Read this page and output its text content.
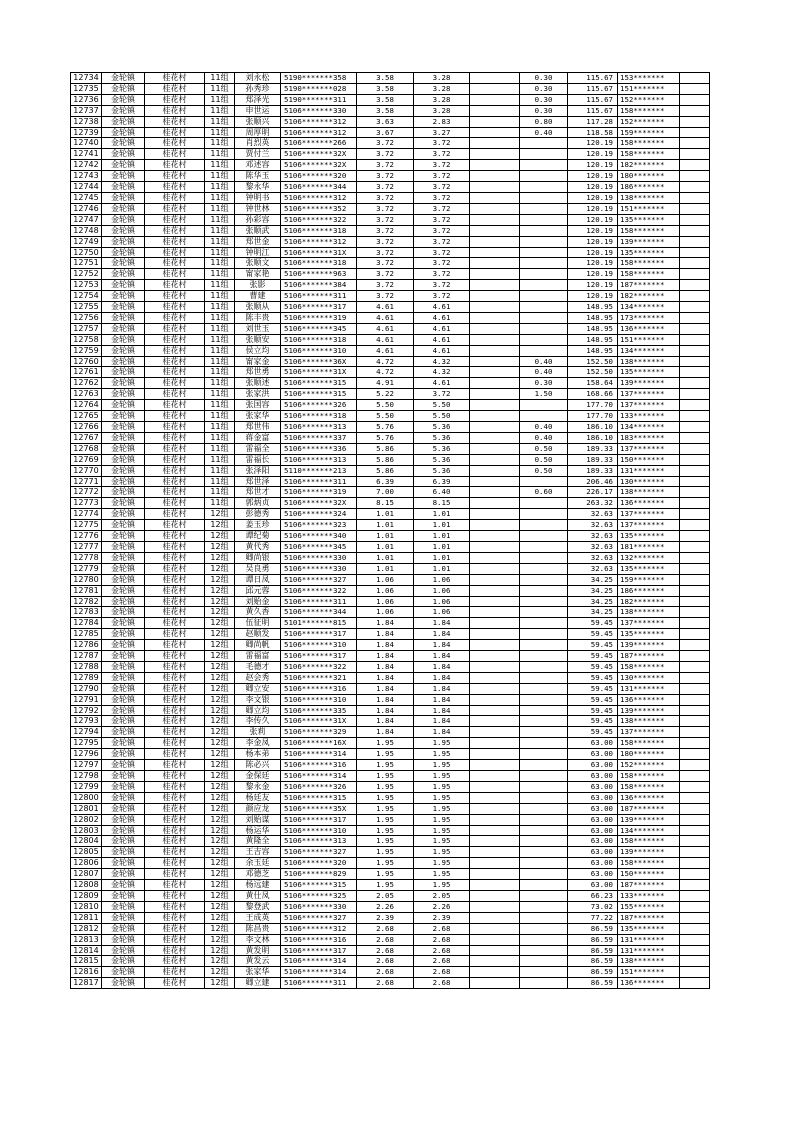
12734	金轮镇	桂花村	11组	刘永松	5190*******358	3.58	3.28		0.30	115.67	153*******	
12735	金轮镇	桂花村	11组	孙秀珍	5190*******028	3.58	3.28		0.30	115.67	151*******	
12736	金轮镇	桂花村	11组	郑泽光	5190*******311	3.58	3.28		0.30	115.67	152*******	
12737	金轮镇	桂花村	11组	申世运	5106*******330	3.58	3.28		0.30	115.67	158*******	
12738	金轮镇	桂花村	11组	张顺兴	5106*******312	3.63	2.83		0.80	117.28	152*******	
12739	金轮镇	桂花村	11组	周厚明	5106*******312	3.67	3.27		0.40	118.58	159*******	
12740	金轮镇	桂花村	11组	肖烈英	5106*******266	3.72	3.72			120.19	158*******	
12741	金轮镇	桂花村	11组	贾付兰	5106*******32X	3.72	3.72			120.19	158*******	
12742	金轮镇	桂花村	11组	邓述容	5106*******32X	3.72	3.72			120.19	182*******	
12743	金轮镇	桂花村	11组	陈华玉	5106*******320	3.72	3.72			120.19	180*******	
12744	金轮镇	桂花村	11组	黎永华	5106*******344	3.72	3.72			120.19	186*******	
12745	金轮镇	桂花村	11组	钟明书	5106*******312	3.72	3.72			120.19	138*******	
12746	金轮镇	桂花村	11组	钟世林	5106*******352	3.72	3.72			120.19	151*******	
12747	金轮镇	桂花村	11组	孙彩容	5106*******322	3.72	3.72			120.19	135*******	
12748	金轮镇	桂花村	11组	张顺武	5106*******318	3.72	3.72			120.19	158*******	
12749	金轮镇	桂花村	11组	郑世金	5106*******312	3.72	3.72			120.19	139*******	
12750	金轮镇	桂花村	11组	钟明江	5106*******31X	3.72	3.72			120.19	135*******	
12751	金轮镇	桂花村	11组	张顺文	5106*******318	3.72	3.72			120.19	158*******	
12752	金轮镇	桂花村	11组	甯家艳	5106*******963	3.72	3.72			120.19	158*******	
12753	金轮镇	桂花村	11组	张影	5106*******384	3.72	3.72			120.19	187*******	
12754	金轮镇	桂花村	11组	曹建	5106*******311	3.72	3.72			120.19	182*******	
12755	金轮镇	桂花村	11组	张顺从	5106*******317	4.61	4.61			148.95	134*******	
12756	金轮镇	桂花村	11组	陈丰贵	5106*******319	4.61	4.61			148.95	173*******	
12757	金轮镇	桂花村	11组	刘世玉	5106*******345	4.61	4.61			148.95	136*******	
12758	金轮镇	桂花村	11组	张顺安	5106*******318	4.61	4.61			148.95	151*******	
12759	金轮镇	桂花村	11组	侯立均	5106*******310	4.61	4.61			148.95	134*******	
12760	金轮镇	桂花村	11组	甯家金	5106*******36X	4.72	4.32		0.40	152.50	138*******	
12761	金轮镇	桂花村	11组	郑世勇	5106*******31X	4.72	4.32		0.40	152.50	135*******	
12762	金轮镇	桂花村	11组	张顺述	5106*******315	4.91	4.61		0.30	158.64	139*******	
12763	金轮镇	桂花村	11组	张家洪	5106*******315	5.22	3.72		1.50	168.66	137*******	
12764	金轮镇	桂花村	11组	张国容	5106*******326	5.50	5.50			177.70	137*******	
12765	金轮镇	桂花村	11组	张家华	5106*******318	5.50	5.50			177.70	133*******	
12766	金轮镇	桂花村	11组	郑世伟	5106*******313	5.76	5.36		0.40	186.10	134*******	
12767	金轮镇	桂花村	11组	蒋金富	5106*******337	5.76	5.36		0.40	186.10	183*******	
12768	金轮镇	桂花村	11组	雷福全	5106*******336	5.86	5.36		0.50	189.33	137*******	
12769	金轮镇	桂花村	11组	雷福长	5106*******313	5.86	5.36		0.50	189.33	150*******	
12770	金轮镇	桂花村	11组	张泽阳	5110*******213	5.86	5.36		0.50	189.33	131*******	
12771	金轮镇	桂花村	11组	郑世泽	5106*******311	6.39	6.39			206.46	130*******	
12772	金轮镇	桂花村	11组	郑世才	5106*******319	7.00	6.40		0.60	226.17	138*******	
12773	金轮镇	桂花村	11组	郭炳贞	5106*******32X	8.15	8.15			263.32	136*******	
12774	金轮镇	桂花村	12组	彭德秀	5106*******324	1.01	1.01			32.63	137*******	
12775	金轮镇	桂花村	12组	姜玉珍	5106*******323	1.01	1.01			32.63	137*******	
12776	金轮镇	桂花村	12组	谭纪菊	5106*******340	1.01	1.01			32.63	135*******	
12777	金轮镇	桂花村	12组	黄代秀	5106*******345	1.01	1.01			32.63	181*******	
12778	金轮镇	桂花村	12组	卿尚银	5106*******330	1.01	1.01			32.63	132*******	
12779	金轮镇	桂花村	12组	吴良勇	5106*******330	1.01	1.01			32.63	135*******	
12780	金轮镇	桂花村	12组	谭日凤	5106*******327	1.06	1.06			34.25	159*******	
12781	金轮镇	桂花村	12组	邱元蓉	5106*******322	1.06	1.06			34.25	186*******	
12782	金轮镇	桂花村	12组	刘贻金	5106*******311	1.06	1.06			34.25	182*******	
12783	金轮镇	桂花村	12组	黄久香	5106*******344	1.06	1.06			34.25	138*******	
12784	金轮镇	桂花村	12组	伍征明	5101*******815	1.84	1.84			59.45	137*******	
12785	金轮镇	桂花村	12组	赵顺发	5106*******317	1.84	1.84			59.45	135*******	
12786	金轮镇	桂花村	12组	卿尚帆	5106*******310	1.84	1.84			59.45	139*******	
12787	金轮镇	桂花村	12组	雷福富	5106*******317	1.84	1.84			59.45	187*******	
12788	金轮镇	桂花村	12组	毛德才	5106*******322	1.84	1.84			59.45	158*******	
12789	金轮镇	桂花村	12组	赵会秀	5106*******321	1.84	1.84			59.45	130*******	
12790	金轮镇	桂花村	12组	卿立安	5106*******316	1.84	1.84			59.45	131*******	
12791	金轮镇	桂花村	12组	李文银	5106*******310	1.84	1.84			59.45	136*******	
12792	金轮镇	桂花村	12组	卿立均	5106*******335	1.84	1.84			59.45	139*******	
12793	金轮镇	桂花村	12组	李传久	5106*******31X	1.84	1.84			59.45	138*******	
12794	金轮镇	桂花村	12组	张莉	5106*******329	1.84	1.84			59.45	137*******	
12795	金轮镇	桂花村	12组	李金凤	5106*******16X	1.95	1.95			63.00	158*******	
12796	金轮镇	桂花村	12组	杨本弟	5106*******314	1.95	1.95			63.00	180*******	
12797	金轮镇	桂花村	12组	陈必兴	5106*******316	1.95	1.95			63.00	152*******	
12798	金轮镇	桂花村	12组	金保廷	5106*******314	1.95	1.95			63.00	158*******	
12799	金轮镇	桂花村	12组	黎永金	5106*******326	1.95	1.95			63.00	158*******	
12800	金轮镇	桂花村	12组	杨廷友	5106*******315	1.95	1.95			63.00	136*******	
12801	金轮镇	桂花村	12组	颜应龙	5106*******35X	1.95	1.95			63.00	187*******	
12802	金轮镇	桂花村	12组	刘贻谋	5106*******317	1.95	1.95			63.00	139*******	
12803	金轮镇	桂花村	12组	杨运华	5106*******310	1.95	1.95			63.00	134*******	
12804	金轮镇	桂花村	12组	黄隆全	5106*******313	1.95	1.95			63.00	158*******	
12805	金轮镇	桂花村	12组	王吉容	5106*******327	1.95	1.95			63.00	139*******	
12806	金轮镇	桂花村	12组	余玉廷	5106*******320	1.95	1.95			63.00	158*******	
12807	金轮镇	桂花村	12组	邓德芝	5106*******829	1.95	1.95			63.00	150*******	
12808	金轮镇	桂花村	12组	杨远建	5106*******315	1.95	1.95			63.00	187*******	
12809	金轮镇	桂花村	12组	黄仕凤	5106*******325	2.05	2.05			66.23	133*******	
12810	金轮镇	桂花村	12组	黎登武	5106*******330	2.26	2.26			73.02	155*******	
12811	金轮镇	桂花村	12组	王成英	5106*******327	2.39	2.39			77.22	187*******	
12812	金轮镇	桂花村	12组	陈昌贵	5106*******312	2.68	2.68			86.59	135*******	
12813	金轮镇	桂花村	12组	李文林	5106*******316	2.68	2.68			86.59	131*******	
12814	金轮镇	桂花村	12组	黄发明	5106*******317	2.68	2.68			86.59	131*******	
12815	金轮镇	桂花村	12组	黄发云	5106*******314	2.68	2.68			86.59	138*******	
12816	金轮镇	桂花村	12组	张家华	5106*******314	2.68	2.68			86.59	151*******	
12817	金轮镇	桂花村	12组	卿立建	5106*******311	2.68	2.68			86.59	136*******	
